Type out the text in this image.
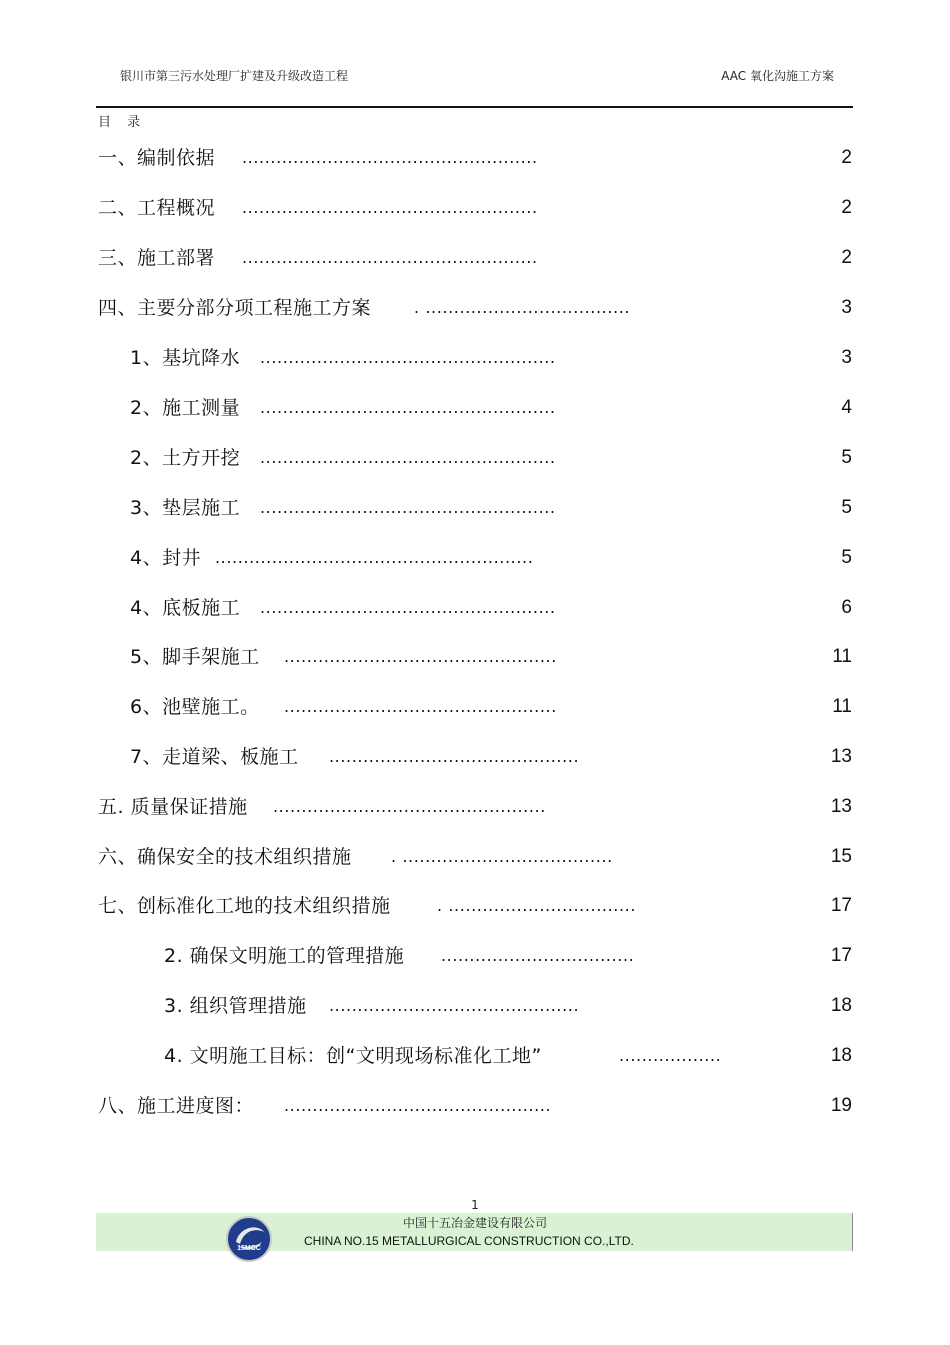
银川市第三污水处理厂扩建及升级改造工程	AAC 氧化沟施工方案
目 录
一、编制依据 ....................................................	2
二、工程概况 ....................................................	2
三、施工部署 ....................................................	2
四、主要分部分项工程施工方案	. ....................................	3
1、基坑降水 ....................................................	3
2、施工测量 ....................................................	4
2、土方开挖 ....................................................	5
3、垫层施工 ....................................................	5
4、封井 ........................................................	5
4、底板施工 ....................................................	6
5、脚手架施工 ................................................	11
6、池壁施工。 ................................................	11
7、走道梁、板施工 ............................................	13
五. 质量保证措施 ................................................	13
六、确保安全的技术组织措施 . .....................................	15
七、创标准化工地的技术组织措施	. .................................	17
2. 确保文明施工的管理措施 ..................................	17
3. 组织管理措施 ............................................	18
4. 文明施工目标：创“文明现场标准化工地”	..................	18
八、施工进度图： ...............................................	19
1
15MCC
中国十五冶金建设有限公司
CHINA NO.15 METALLURGICAL CONSTRUCTION CO.,LTD.
